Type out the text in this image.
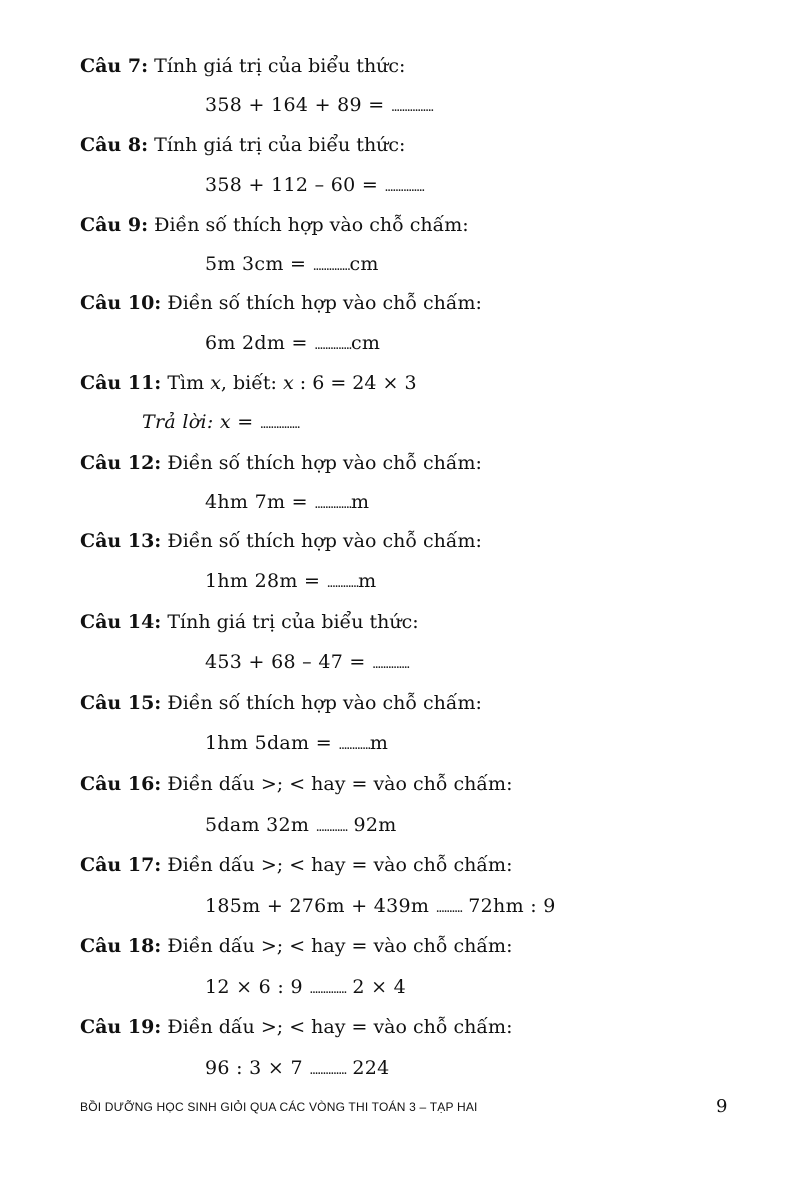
Câu 7: Tính giá trị của biểu thức:
358 + 164 + 89 = ................
Câu 8: Tính giá trị của biểu thức:
358 + 112 – 60 = ...............
Câu 9: Điền số thích hợp vào chỗ chấm:
5m 3cm = ..............cm
Câu 10: Điền số thích hợp vào chỗ chấm:
6m 2dm = ..............cm
Câu 11: Tìm x, biết: x : 6 = 24 × 3
Trả lời: x = ...............
Câu 12: Điền số thích hợp vào chỗ chấm:
4hm 7m = ..............m
Câu 13: Điền số thích hợp vào chỗ chấm:
1hm 28m = ............m
Câu 14: Tính giá trị của biểu thức:
453 + 68 – 47 = ..............
Câu 15: Điền số thích hợp vào chỗ chấm:
1hm 5dam = ............m
Câu 16: Điền dấu >; < hay = vào chỗ chấm:
5dam 32m ............ 92m
Câu 17: Điền dấu >; < hay = vào chỗ chấm:
185m + 276m + 439m .......... 72hm : 9
Câu 18: Điền dấu >; < hay = vào chỗ chấm:
12 × 6 : 9 .............. 2 × 4
Câu 19: Điền dấu >; < hay = vào chỗ chấm:
96 : 3 × 7 .............. 224
BỒI DƯỠNG HỌC SINH GIỎI QUA CÁC VÒNG THI TOÁN 3 – TẠP HAI	9
